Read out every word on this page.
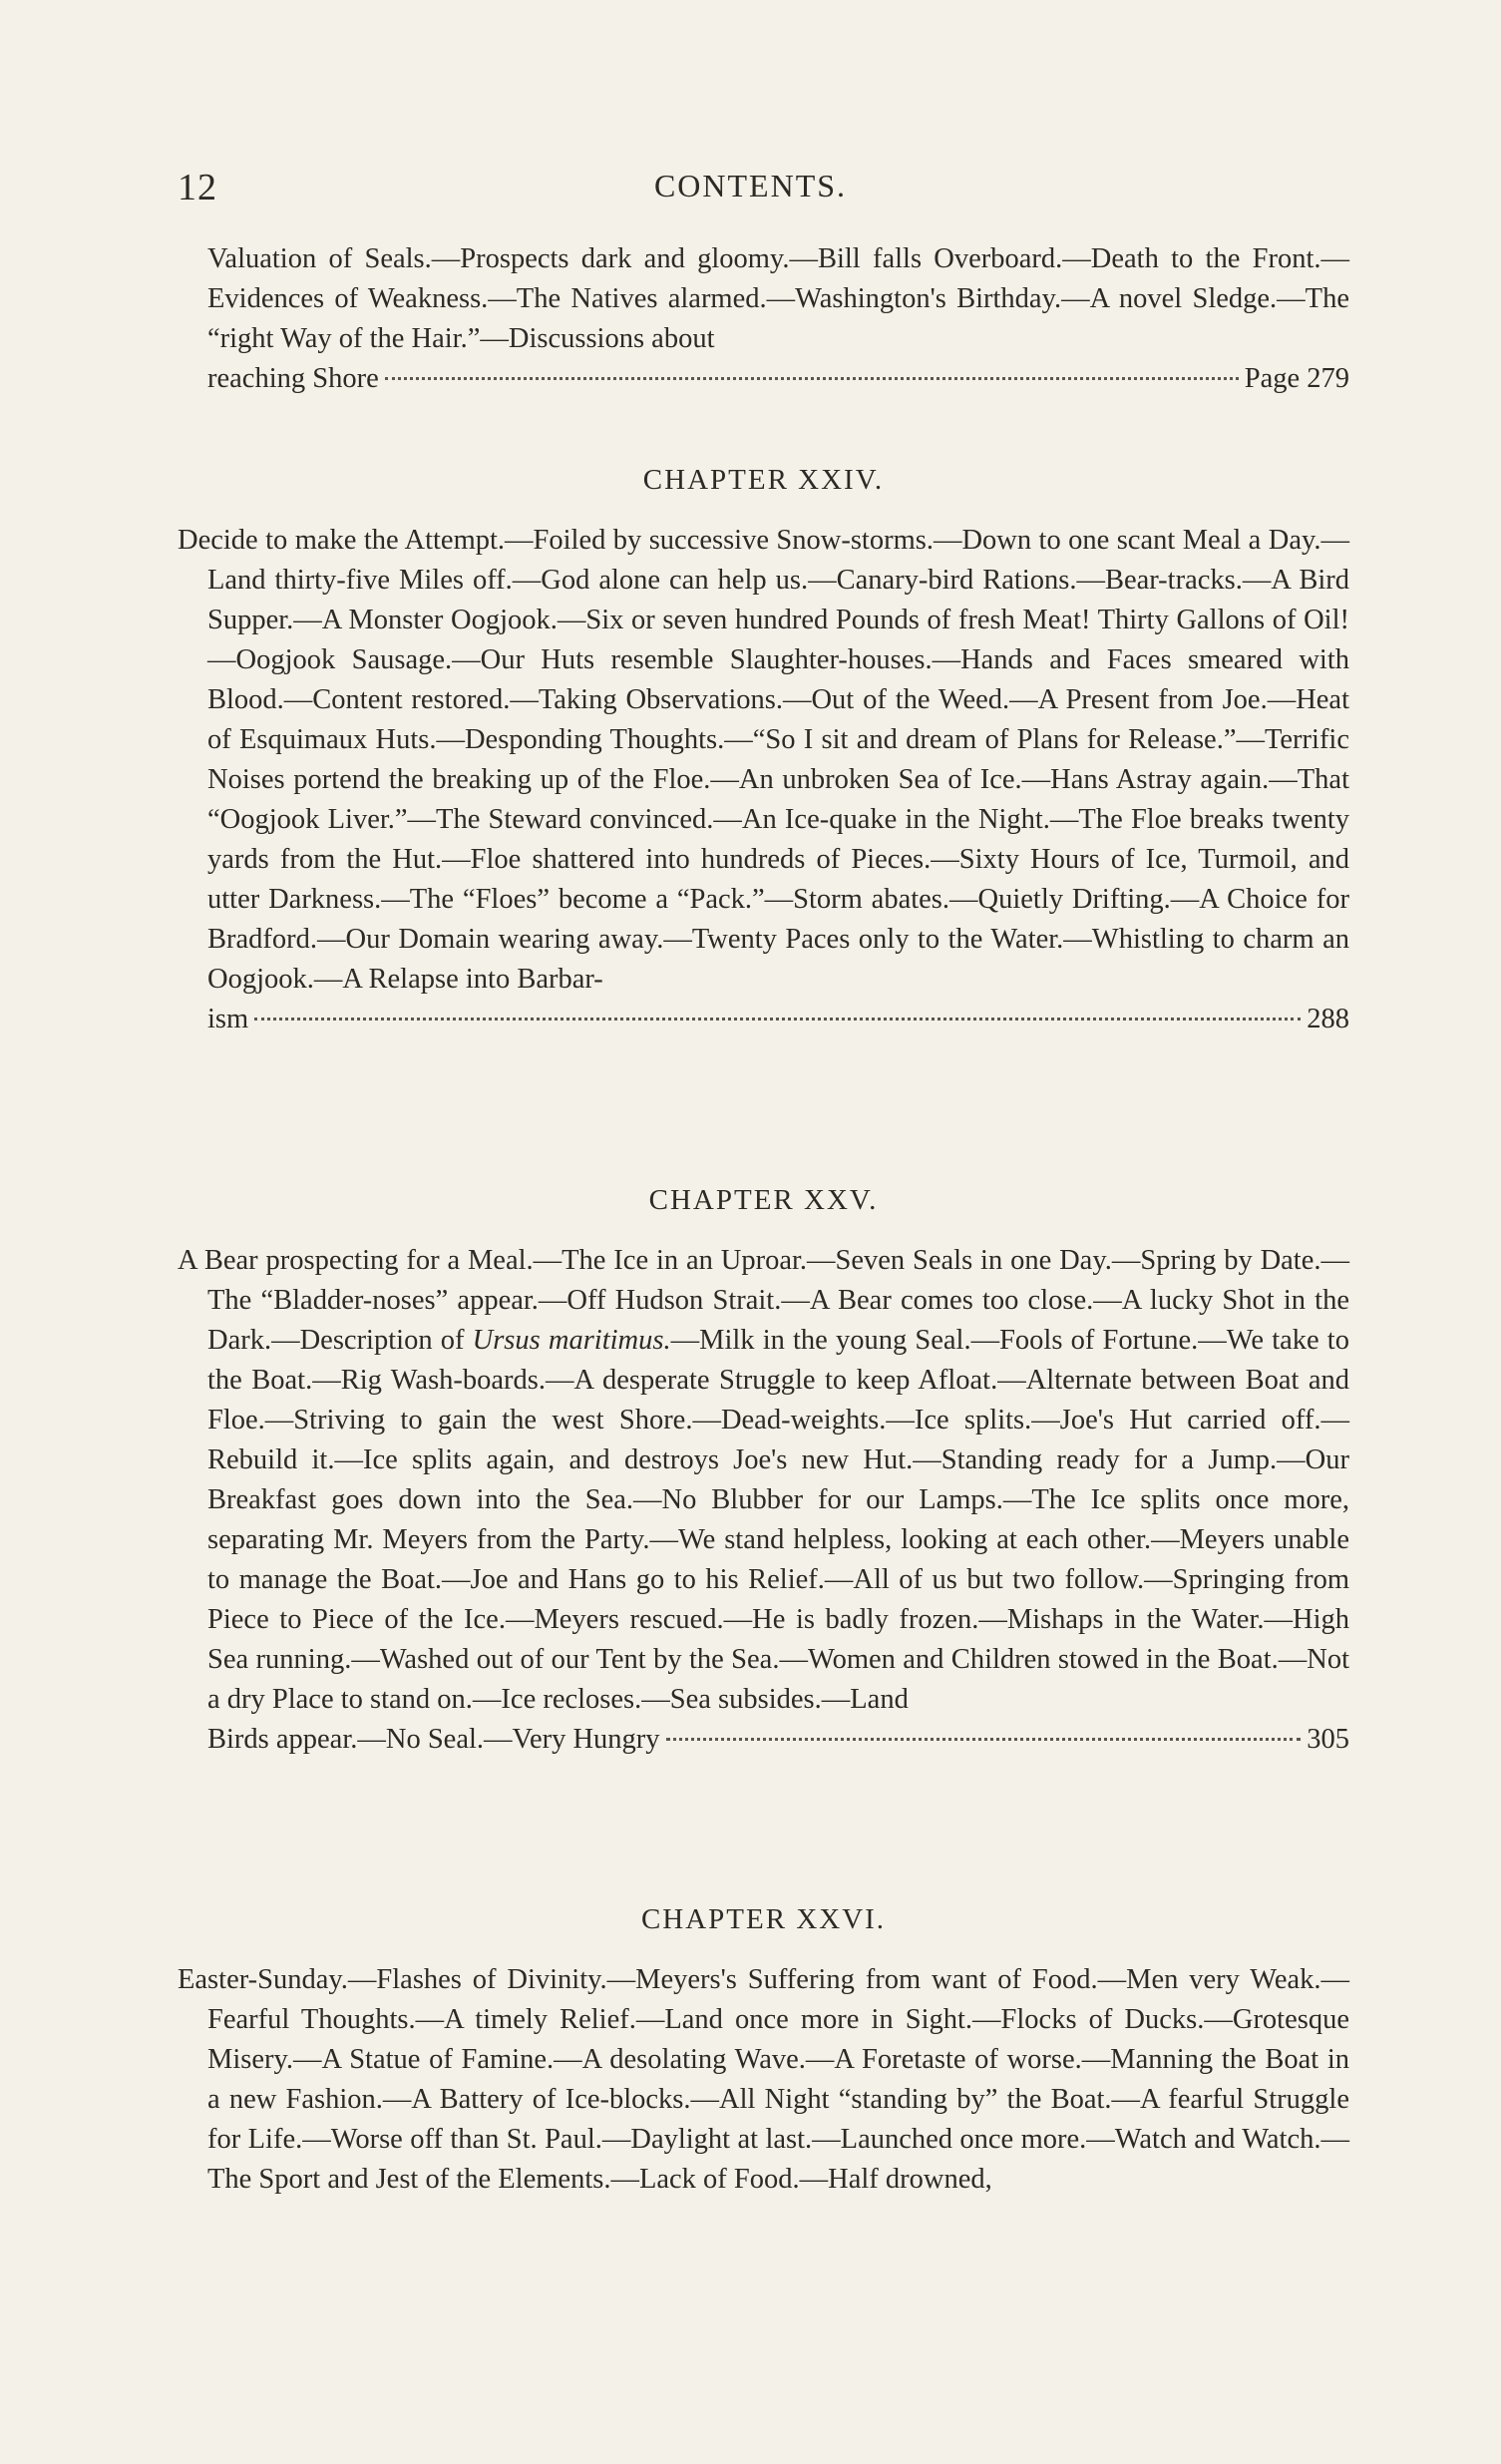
12	CONTENTS.

Valuation of Seals.—Prospects dark and gloomy.—Bill falls Overboard.—Death to the Front.—Evidences of Weakness.—The Natives alarmed.—Washington's Birthday.—A novel Sledge.—The “right Way of the Hair.”—Discussions about

reaching Shore	Page 279
CHAPTER XXIV.

Decide to make the Attempt.—Foiled by successive Snow-storms.—Down to one scant Meal a Day.—Land thirty-five Miles off.—God alone can help us.—Canary-bird Rations.—Bear-tracks.—A Bird Supper.—A Monster Oogjook.—Six or seven hundred Pounds of fresh Meat! Thirty Gallons of Oil!—Oogjook Sausage.—Our Huts resemble Slaughter-houses.—Hands and Faces smeared with Blood.—Content restored.—Taking Observations.—Out of the Weed.—A Present from Joe.—Heat of Esquimaux Huts.—Desponding Thoughts.—“So I sit and dream of Plans for Release.”—Terrific Noises portend the breaking up of the Floe.—An unbroken Sea of Ice.—Hans Astray again.—That “Oogjook Liver.”—The Steward convinced.—An Ice-quake in the Night.—The Floe breaks twenty yards from the Hut.—Floe shattered into hundreds of Pieces.—Sixty Hours of Ice, Turmoil, and utter Darkness.—The “Floes” become a “Pack.”—Storm abates.—Quietly Drifting.—A Choice for Bradford.—Our Domain wearing away.—Twenty Paces only to the Water.—Whistling to charm an Oogjook.—A Relapse into Barbar-

ism	288
CHAPTER XXV.

A Bear prospecting for a Meal.—The Ice in an Uproar.—Seven Seals in one Day.—Spring by Date.—The “Bladder-noses” appear.—Off Hudson Strait.—A Bear comes too close.—A lucky Shot in the Dark.—Description of Ursus maritimus.—Milk in the young Seal.—Fools of Fortune.—We take to the Boat.—Rig Wash-boards.—A desperate Struggle to keep Afloat.—Alternate between Boat and Floe.—Striving to gain the west Shore.—Dead-weights.—Ice splits.—Joe's Hut carried off.—Rebuild it.—Ice splits again, and destroys Joe's new Hut.—Standing ready for a Jump.—Our Breakfast goes down into the Sea.—No Blubber for our Lamps.—The Ice splits once more, separating Mr. Meyers from the Party.—We stand helpless, looking at each other.—Meyers unable to manage the Boat.—Joe and Hans go to his Relief.—All of us but two follow.—Springing from Piece to Piece of the Ice.—Meyers rescued.—He is badly frozen.—Mishaps in the Water.—High Sea running.—Washed out of our Tent by the Sea.—Women and Children stowed in the Boat.—Not a dry Place to stand on.—Ice recloses.—Sea subsides.—Land

Birds appear.—No Seal.—Very Hungry	305
CHAPTER XXVI.

Easter-Sunday.—Flashes of Divinity.—Meyers's Suffering from want of Food.—Men very Weak.—Fearful Thoughts.—A timely Relief.—Land once more in Sight.—Flocks of Ducks.—Grotesque Misery.—A Statue of Famine.—A desolating Wave.—A Foretaste of worse.—Manning the Boat in a new Fashion.—A Battery of Ice-blocks.—All Night “standing by” the Boat.—A fearful Struggle for Life.—Worse off than St. Paul.—Daylight at last.—Launched once more.—Watch and Watch.—The Sport and Jest of the Elements.—Lack of Food.—Half drowned,
